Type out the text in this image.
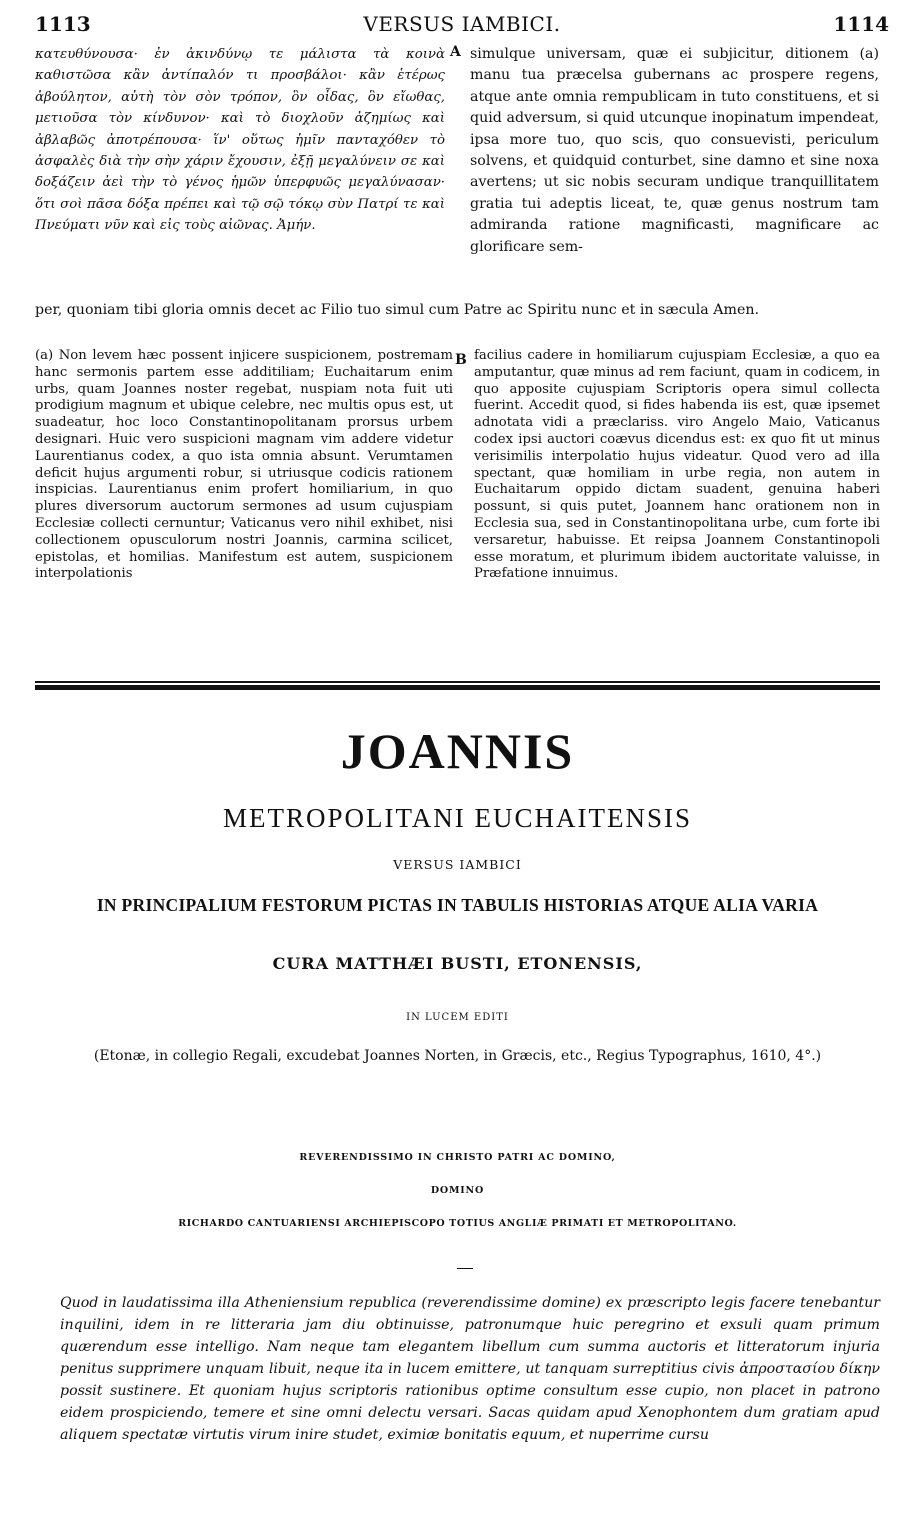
1113	VERSUS IAMBICI.	1114
κατευθύνουσα· ἐν ἀκινδύνῳ τε μάλιστα τὰ κοινὰ καθιστῶσα κἂν ἀντίπαλόν τι προσβάλοι· κἂν ἑτέρως ἀβούλητον, αὐτὴ τὸν σὸν τρόπον, ὃν οἶδας, ὃν εἴωθας, μετιοῦσα τὸν κίνδυνον· καὶ τὸ διοχλοῦν ἀζημίως καὶ ἀβλαβῶς ἀποτρέπουσα· ἵν' οὕτως ἡμῖν πανταχόθεν τὸ ἀσφαλὲς διὰ τὴν σὴν χάριν ἔχουσιν, ἐξῇ μεγαλύνειν σε καὶ δοξάζειν ἀεὶ τὴν τὸ γένος ἡμῶν ὑπερφυῶς μεγαλύνασαν· ὅτι σοὶ πᾶσα δόξα πρέπει καὶ τῷ σῷ τόκῳ σὺν Πατρί τε καὶ Πνεύματι νῦν καὶ εἰς τοὺς αἰῶνας. Ἀμήν.
A simulque universam, quæ ei subjicitur, ditionem (a) manu tua præcelsa gubernans ac prospere regens, atque ante omnia rempublicam in tuto constituens, et si quid adversum, si quid utcunque inopinatum impendeat, ipsa more tuo, quo scis, quo consuevisti, periculum solvens, et quidquid conturbet, sine damno et sine noxa avertens; ut sic nobis securam undique tranquillitatem gratia tui adeptis liceat, te, quæ genus nostrum tam admiranda ratione magnificasti, magnificare ac glorificare sem-
per, quoniam tibi gloria omnis decet ac Filio tuo simul cum Patre ac Spiritu nunc et in sæcula Amen.
(a) Non levem hæc possent injicere suspicionem, postremam hanc sermonis partem esse additiliam; Euchaitarum enim urbs, quam Joannes noster regebat, nuspiam nota fuit uti prodigium magnum et ubique celebre, nec multis opus est, ut suadeatur, hoc loco Constantinopolitanam prorsus urbem designari. Huic vero suspicioni magnam vim addere videtur Laurentianus codex, a quo ista omnia absunt. Verumtamen deficit hujus argumenti robur, si utriusque codicis rationem inspicias. Laurentianus enim profert homiliarium, in quo plures diversorum auctorum sermones ad usum cujuspiam Ecclesiæ collecti cernuntur; Vaticanus vero nihil exhibet, nisi collectionem opusculorum nostri Joannis, carmina scilicet, epistolas, et homilias. Manifestum est autem, suspicionem interpolationis
B facilius cadere in homiliarum cujuspiam Ecclesiæ, a quo ea amputantur, quæ minus ad rem faciunt, quam in codicem, in quo apposite cujuspiam Scriptoris opera simul collecta fuerint. Accedit quod, si fides habenda iis est, quæ ipsemet adnotata vidi a præclariss. viro Angelo Maio, Vaticanus codex ipsi auctori coævus dicendus est: ex quo fit ut minus verisimilis interpolatio hujus videatur. Quod vero ad illa spectant, quæ homiliam in urbe regia, non autem in Euchaitarum oppido dictam suadent, genuina haberi possunt, si quis putet, Joannem hanc orationem non in Ecclesia sua, sed in Constantinopolitana urbe, cum forte ibi versaretur, habuisse. Et reipsa Joannem Constantinopoli esse moratum, et plurimum ibidem auctoritate valuisse, in Præfatione innuimus.
JOANNIS
METROPOLITANI EUCHAITENSIS
VERSUS IAMBICI
IN PRINCIPALIUM FESTORUM PICTAS IN TABULIS HISTORIAS ATQUE ALIA VARIA
CURA MATTHÆI BUSTI, ETONENSIS,
IN LUCEM EDITI
(Etonæ, in collegio Regali, excudebat Joannes Norten, in Græcis, etc., Regius Typographus, 1610, 4°.)
REVERENDISSIMO IN CHRISTO PATRI AC DOMINO,
DOMINO
RICHARDO CANTUARIENSI ARCHIEPISCOPO TOTIUS ANGLIÆ PRIMATI ET METROPOLITANO.
Quod in laudatissima illa Atheniensium republica (reverendissime domine) ex præscripto legis facere tenebantur inquilini, idem in re litteraria jam diu obtinuisse, patronumque huic peregrino et exsuli quam primum quærendum esse intelligo. Nam neque tam elegantem libellum cum summa auctoris et litteratorum injuria penitus supprimere unquam libuit, neque ita in lucem emittere, ut tanquam surreptitius civis ἀπροστασίου δίκην possit sustinere. Et quoniam hujus scriptoris rationibus optime consultum esse cupio, non placet in patrono eidem prospiciendo, temere et sine omni delectu versari. Sacas quidam apud Xenophontem dum gratiam apud aliquem spectatæ virtutis virum inire studet, eximiæ bonitatis equum, et nuperrime cursu
